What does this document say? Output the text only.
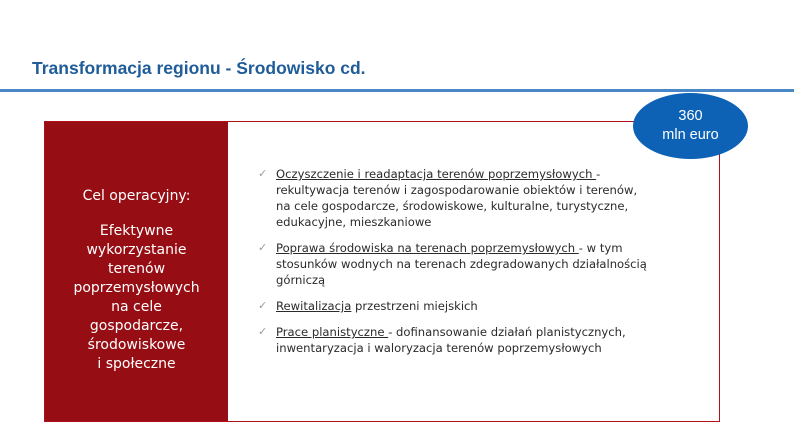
Transformacja regionu - Środowisko cd.
Cel operacyjny:
Efektywne
wykorzystanie
terenów
poprzemysłowych
na cele
gospodarcze,
środowiskowe
i społeczne
✓ Oczyszczenie i readaptacja terenów poprzemysłowych -
rekultywacja terenów i zagospodarowanie obiektów i terenów,
na cele gospodarcze, środowiskowe, kulturalne, turystyczne,
edukacyjne, mieszkaniowe
✓ Poprawa środowiska na terenach poprzemysłowych - w tym
stosunków wodnych na terenach zdegradowanych działalnością
górniczą
✓ Rewitalizacja przestrzeni miejskich
✓ Prace planistyczne - dofinansowanie działań planistycznych,
inwentaryzacja i waloryzacja terenów poprzemysłowych
360
mln euro
